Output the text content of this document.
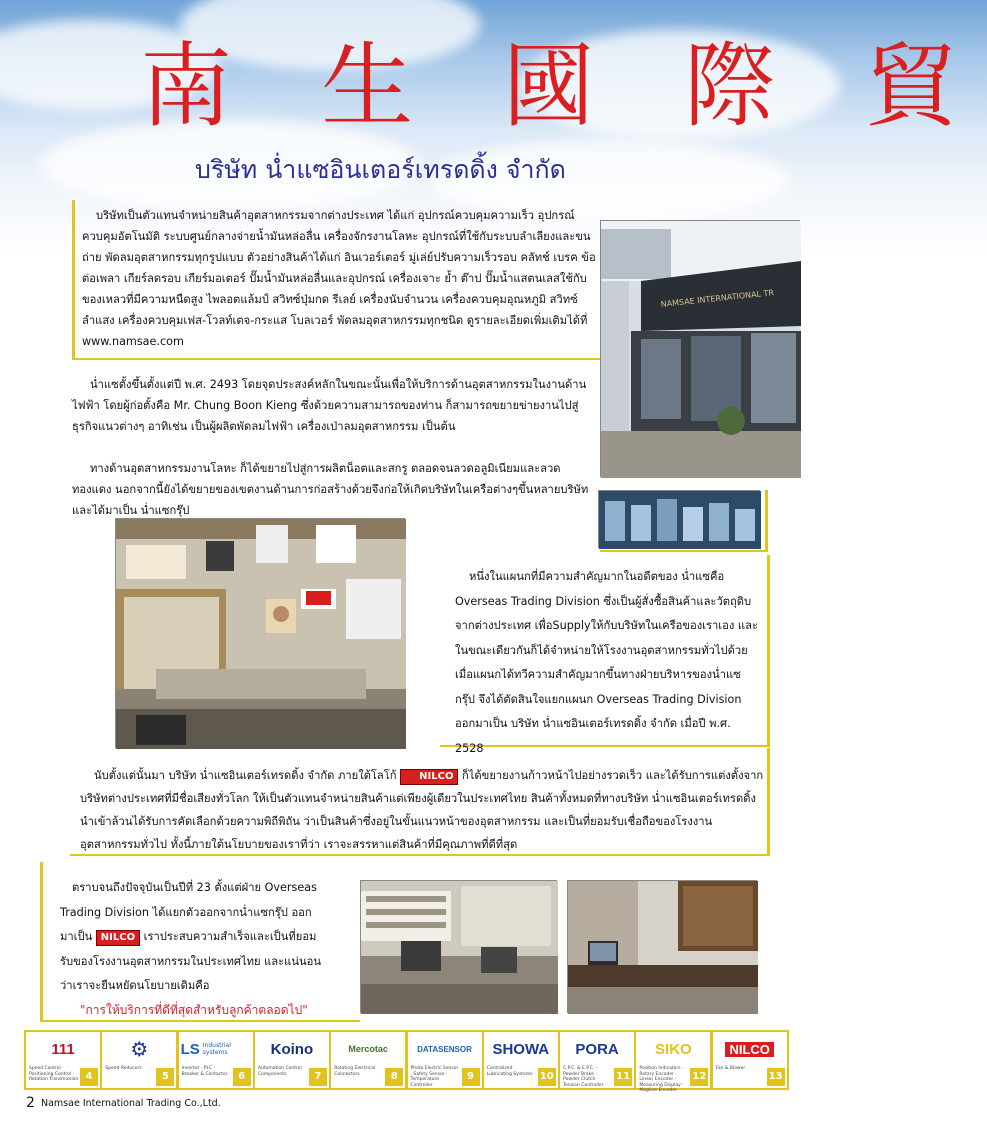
南 生 國 際 貿
บริษัท น่ำแซอินเตอร์เทรดดิ้ง จำกัด

บริษัทเป็นตัวแทนจำหน่ายสินค้าอุตสาหกรรมจากต่างประเทศ ได้แก่ อุปกรณ์ควบคุมความเร็ว อุปกรณ์ควบคุมอัตโนมัติ ระบบศูนย์กลางจ่ายน้ำมันหล่อลื่น เครื่องจักรงานโลหะ อุปกรณ์ที่ใช้กับระบบลำเลียงและขนถ่าย พัดลมอุตสาหกรรมทุกรูปแบบ ตัวอย่างสินค้าได้แก่ อินเวอร์เตอร์ มู่เล่ย์ปรับความเร็วรอบ คลัทช์ เบรค ข้อต่อเพลา เกียร์ลดรอบ เกียร์มอเตอร์ ปั๊มน้ำมันหล่อลื่นและอุปกรณ์ เครื่องเจาะ ย้ำ ต๊าป ปั๊มน้ำแสตนเลสใช้กับของเหลวที่มีความหนืดสูง ไพลอตแล้มป์ สวิทซ์ปุ่มกด รีเลย์ เครื่องนับจำนวน เครื่องควบคุมอุณหภูมิ สวิทซ์ลำแสง เครื่องควบคุมเฟส-โวลท์เตจ-กระแส โบลเวอร์ พัดลมอุตสาหกรรมทุกชนิด ดูรายละเอียดเพิ่มเติมได้ที่ www.namsae.com

NAMSAE INTERNATIONAL TR

น่ำแซตั้งขึ้นตั้งแต่ปี พ.ศ. 2493 โดยจุดประสงค์หลักในขณะนั้นเพื่อให้บริการด้านอุตสาหกรรมในงานด้านไฟฟ้า โดยผู้ก่อตั้งคือ Mr. Chung Boon Kieng ซึ่งด้วยความสามารถของท่าน ก็สามารถขยายข่ายงานไปสู่ธุรกิจแนวต่างๆ อาทิเช่น เป็นผู้ผลิตพัดลมไฟฟ้า เครื่องเป่าลมอุตสาหกรรม เป็นต้น

ทางด้านอุตสาหกรรมงานโลหะ ก็ได้ขยายไปสู่การผลิตน็อตและสกรู ตลอดจนลวดอลูมิเนียมและลวดทองแดง นอกจากนี้ยังได้ขยายของเขตงานด้านการก่อสร้างด้วยจึงก่อให้เกิดบริษัทในเครือต่างๆขึ้นหลายบริษัท และได้มาเป็น น่ำแซกรุ๊ป

หนึ่งในแผนกที่มีความสำคัญมากในอดีตของ น่ำแซคือ Overseas Trading Division ซึ่งเป็นผู้สั่งซื้อสินค้าและวัตถุดิบจากต่างประเทศ เพื่อSupplyให้กับบริษัทในเครือของเราเอง และในขณะเดียวกันก็ได้จำหน่ายให้โรงงานอุตสาหกรรมทั่วไปด้วย เมื่อแผนกได้ทวีความสำคัญมากขึ้นทางฝ่ายบริหารของน่ำแซกรุ๊ป จึงได้ตัดสินใจแยกแผนก Overseas Trading Division ออกมาเป็น บริษัท น่ำแซอินเตอร์เทรดดิ้ง จำกัด เมื่อปี พ.ศ. 2528

นับตั้งแต่นั้นมา บริษัท น่ำแซอินเตอร์เทรดดิ้ง จำกัด ภายใต้โลโก้ NILCO ก็ได้ขยายงานก้าวหน้าไปอย่างรวดเร็ว และได้รับการแต่งตั้งจากบริษัทต่างประเทศที่มีชื่อเสียงทั่วโลก ให้เป็นตัวแทนจำหน่ายสินค้าแต่เพียงผู้เดียวในประเทศไทย สินค้าทั้งหมดที่ทางบริษัท น่ำแซอินเตอร์เทรดดิ้งนำเข้าล้วนได้รับการคัดเลือกด้วยความพิถีพิถัน ว่าเป็นสินค้าซึ่งอยู่ในขั้นแนวหน้าของอุตสาหกรรม และเป็นที่ยอมรับเชื่อถือของโรงงานอุตสาหกรรมทั่วไป ทั้งนี้ภายใต้นโยบายของเราที่ว่า เราจะสรรหาแต่สินค้าที่มีคุณภาพที่ดีที่สุด
ตราบจนถึงปัจจุบันเป็นปีที่ 23 ตั้งแต่ฝ่าย Overseas
Trading Division ได้แยกตัวออกจากน่ำแซกรุ๊ป ออก
มาเป็น NILCO เราประสบความสำเร็จและเป็นที่ยอม
รับของโรงงานอุตสาหกรรมในประเทศไทย และแน่นอน
ว่าเราจะยืนหยัดนโยบายเดิมคือ
"การให้บริการที่ดีที่สุดสำหรับลูกค้าตลอดไป"
111
Speed Control · Positioning Control · Rotation Transmission 4
⚙
Speed Reducers
5
LS Industrial systems
Inverter · PLC · Breaker & Contactor	6
Koino
Automation Control Components	7
Mercotac
Rotating Electrical Connectors	8
DATASENSOR
Photo Electric Sensor · Safety Sensor · Temperature Controller
9
SHOWA
Centralized Lubricating Systems 10
PORA
C.P.C. & E.P.C. · Powder Brake · Powder Clutch · Tension Controller
11
SIKO
Position Indicators · Rotary Encoder · Linear Encoder · Measuring Display · Magline Encoder
12
NILCO
Fan & Blower
13
2 Namsae International Trading Co.,Ltd.
